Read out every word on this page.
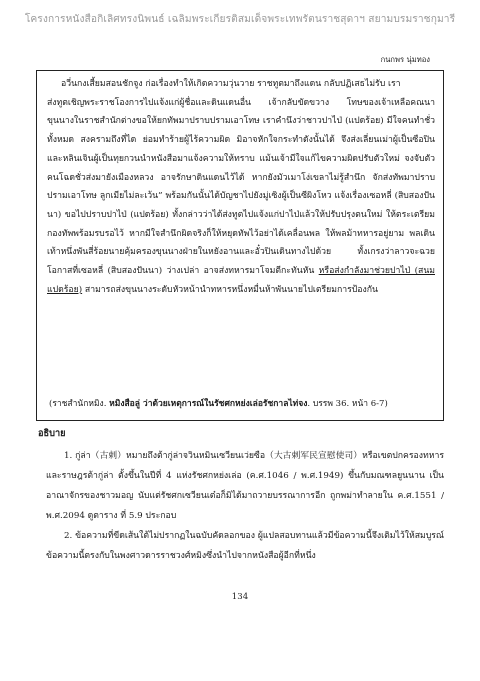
โครงการหนังสือกิเลิศทรงนิพนธ์ เฉลิมพระเกียรติสมเด็จพระเทพรัตนราชสุดาฯ สยามบรมราชกุมารี
กนกพร นุ่มทอง

อวี่นกงเสี้ยมสอนชักจูง ก่อเรื่องทำให้เกิดความวุ่นวาย ราชทูตมาถึงแดน กลับปฏิเสธไม่รับ เรา
ส่งทูตเชิญพระราชโองการไปแจ้งแก่ผู้ชื่อและดินแดนอื่น เจ้ากลับขัดขวาง โทษของเจ้าเหลือคณนา ขุนนางในราชสำนักต่างขอให้ยกทัพมาปราบปรามเอาโทษ เราคำนึงว่าชาวปาไป่ (แปดร้อย) มีใจคนทำชั่วทั้งหมด สงครามถึงที่ได ย่อมทำร้ายผู้ไร้ความผิด มิอาจหักใจกระทำดังนั้นได้ จึงส่งเลี่ยนเม่าผู้เป็นซือปินและหลินเจินผู้เป็นทุยกวนนำหนังสือมาแจ้งความให้ทราบ แม้นเจ้ามีใจแก้ไขความผิดปรับตัวใหม่ จงจับตัวคนโฉดชั่วส่งมายังเมืองหลวง อาจรักษาดินแดนไว้ได้ หากยังมัวเมาโง่เขลาไม่รู้สำนึก จักส่งทัพมาปราบปรามเอาโทษ ลูกเมียไม่ละเว้น” พร้อมกันนั้นได้บัญชาไปยังมู่เซิงผู้เป็นซีผิงโหว แจ้งเรื่องเซอหลี่ (สิบสองปันนา) ขอไปปราบปาไป่ (แปดร้อย) ทั้งกล่าวว่าได้ส่งทูตไปแจ้งแก่ปาไป่แล้วให้ปรับปรุงตนใหม่ ให้ตระเตรียมกองทัพพร้อมรบรอไว้ หากมีใจสำนึกผิดจริงก็ให้หยุดทัพไว้อย่าได้เคลื่อนพล ให้พลม้าทหารอยู่ยาม พลเดินเท้าหนึ่งพันสี่ร้อยนายคุ้มครองขุนนางฝ่ายในหยังอานและอั๋วปินเดินทางไปด้วย ทั้งเกรงว่าลาวจะฉวยโอกาสที่เซอหลี่ (สิบสองปันนา) ว่างเปล่า อาจส่งทหารมาโจมตีกะทันหัน หรือส่งกำลังมาช่วยปาไป่ (สนมแปดร้อย) สามารถส่งขุนนางระดับหัวหน้านำทหารหนึ่งหมื่นห้าพันนายไปเตรียมการป้องกัน

(ราชสำนักหมิง. หมิงสือลู่ ว่าด้วยเหตุการณ์ในรัชศกหย่งเล่อรัชกาลไท่จง. บรรพ 36. หน้า 6-7)
อธิบาย

1. กู่ล่า（古剌）หมายถึงต้ากู่ล่าจวินหมินเซวียนเว่ยซือ（大古剌军民宣慰使司）หรือเขตปกครองทหารและราษฎรต้ากู่ล่า ตั้งขึ้นในปีที่ 4 แห่งรัชศกหย่งเล่อ (ค.ศ.1046 / พ.ศ.1949) ขึ้นกับมณฑลยูนนาน เป็นอาณาจักรของชาวมอญ นับแต่รัชศกเซวียนเต๋อก็มิได้มาถวายบรรณาการอีก ถูกพม่าทำลายใน ค.ศ.1551 / พ.ศ.2094 ดูตาราง ที่ 5.9 ประกอบ

2. ข้อความที่ขีดเส้นใต้ไม่ปรากฏในฉบับคัดลอกของ ผู้แปลสอบทานแล้วมีข้อความนี้จึงเติมไว้ให้สมบูรณ์ ข้อความนี้ตรงกับในพงศาวดารราชวงศ์หมิงซึ่งนำไปจากหนังสือผู้อีกที่หนึ่ง

134
